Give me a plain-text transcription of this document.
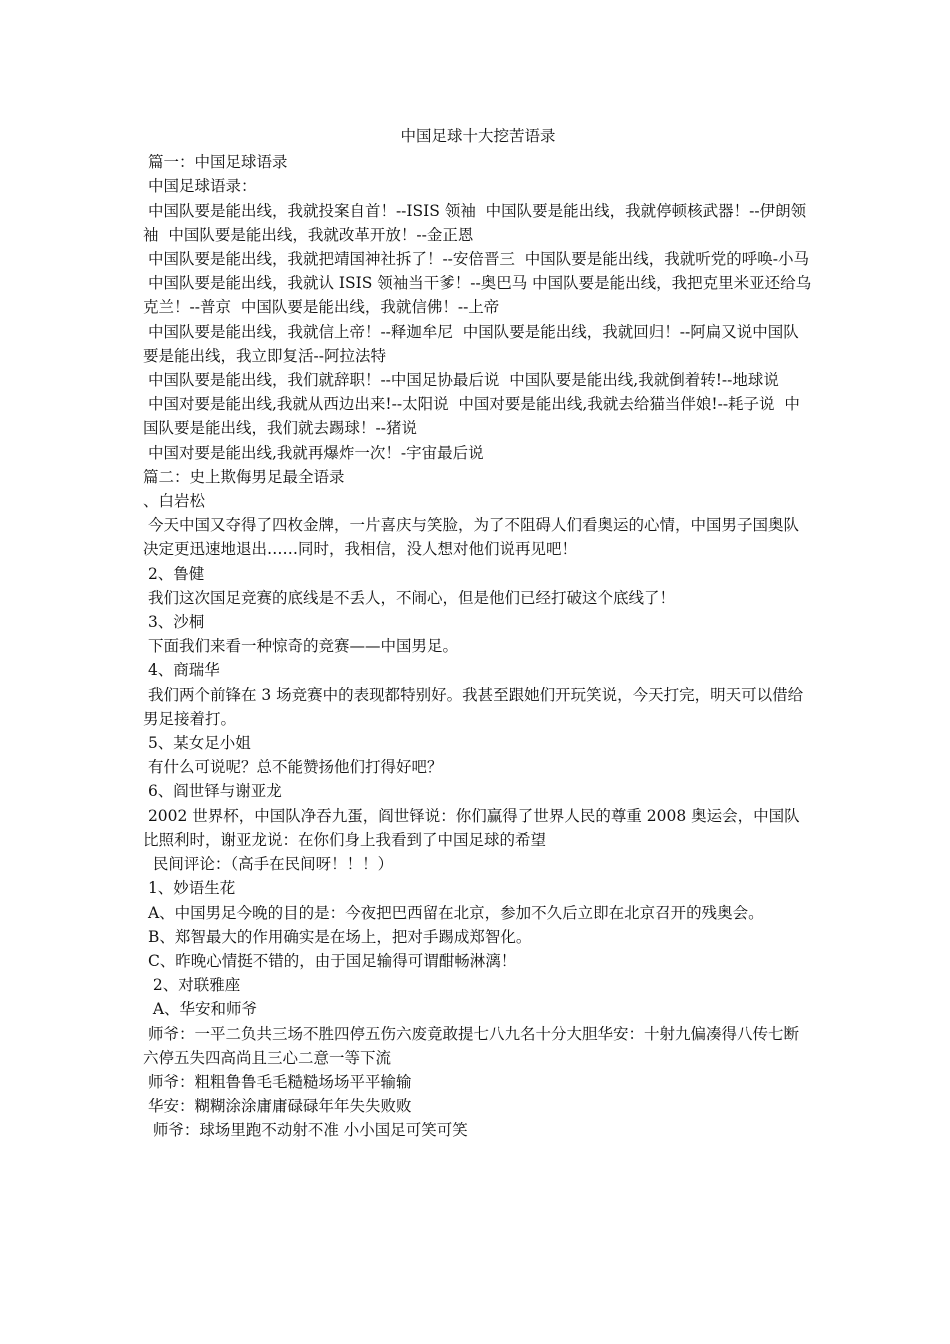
中国足球十大挖苦语录

篇一：中国足球语录

中国足球语录：

中国队要是能出线，我就投案自首！--ISIS 领袖  中国队要是能出线，我就停顿核武器！--伊朗领袖  中国队要是能出线，我就改革开放！--金正恩

中国队要是能出线，我就把靖国神社拆了！--安倍晋三  中国队要是能出线，我就听党的呼唤-小马

中国队要是能出线，我就认 ISIS 领袖当干爹！--奥巴马 中国队要是能出线，我把克里米亚还给乌克兰！--普京  中国队要是能出线，我就信佛！--上帝

中国队要是能出线，我就信上帝！--释迦牟尼  中国队要是能出线，我就回归！--阿扁又说中国队要是能出线，我立即复活--阿拉法特

中国队要是能出线，我们就辞职！--中国足协最后说  中国队要是能出线,我就倒着转!--地球说

中国对要是能出线,我就从西边出来!--太阳说  中国对要是能出线,我就去给猫当伴娘!--耗子说  中国队要是能出线，我们就去踢球！--猪说

中国对要是能出线,我就再爆炸一次！-宇宙最后说

篇二：史上欺侮男足最全语录

、白岩松

今天中国又夺得了四枚金牌，一片喜庆与笑脸，为了不阻碍人们看奥运的心情，中国男子国奥队决定更迅速地退出……同时，我相信，没人想对他们说再见吧！

2、鲁健

我们这次国足竞赛的底线是不丢人，不闹心，但是他们已经打破这个底线了！

3、沙桐

下面我们来看一种惊奇的竞赛——中国男足。

4、商瑞华

我们两个前锋在 3 场竞赛中的表现都特别好。我甚至跟她们开玩笑说，今天打完，明天可以借给男足接着打。

5、某女足小姐

有什么可说呢？总不能赞扬他们打得好吧？

6、阎世铎与谢亚龙

2002 世界杯，中国队净吞九蛋，阎世铎说：你们赢得了世界人民的尊重 2008 奥运会，中国队比照利时，谢亚龙说：在你们身上我看到了中国足球的希望

民间评论：（高手在民间呀！！！）

1、妙语生花

A、中国男足今晚的目的是：今夜把巴西留在北京，参加不久后立即在北京召开的残奥会。

B、郑智最大的作用确实是在场上，把对手踢成郑智化。

C、昨晚心情挺不错的，由于国足输得可谓酣畅淋漓！

2、对联雅座

A、华安和师爷

师爷：一平二负共三场不胜四停五伤六废竟敢提七八九名十分大胆华安：十射九偏凑得八传七断六停五失四高尚且三心二意一等下流

师爷：粗粗鲁鲁毛毛糙糙场场平平输输

华安：糊糊涂涂庸庸碌碌年年失失败败

师爷：球场里跑不动射不准 小小国足可笑可笑
